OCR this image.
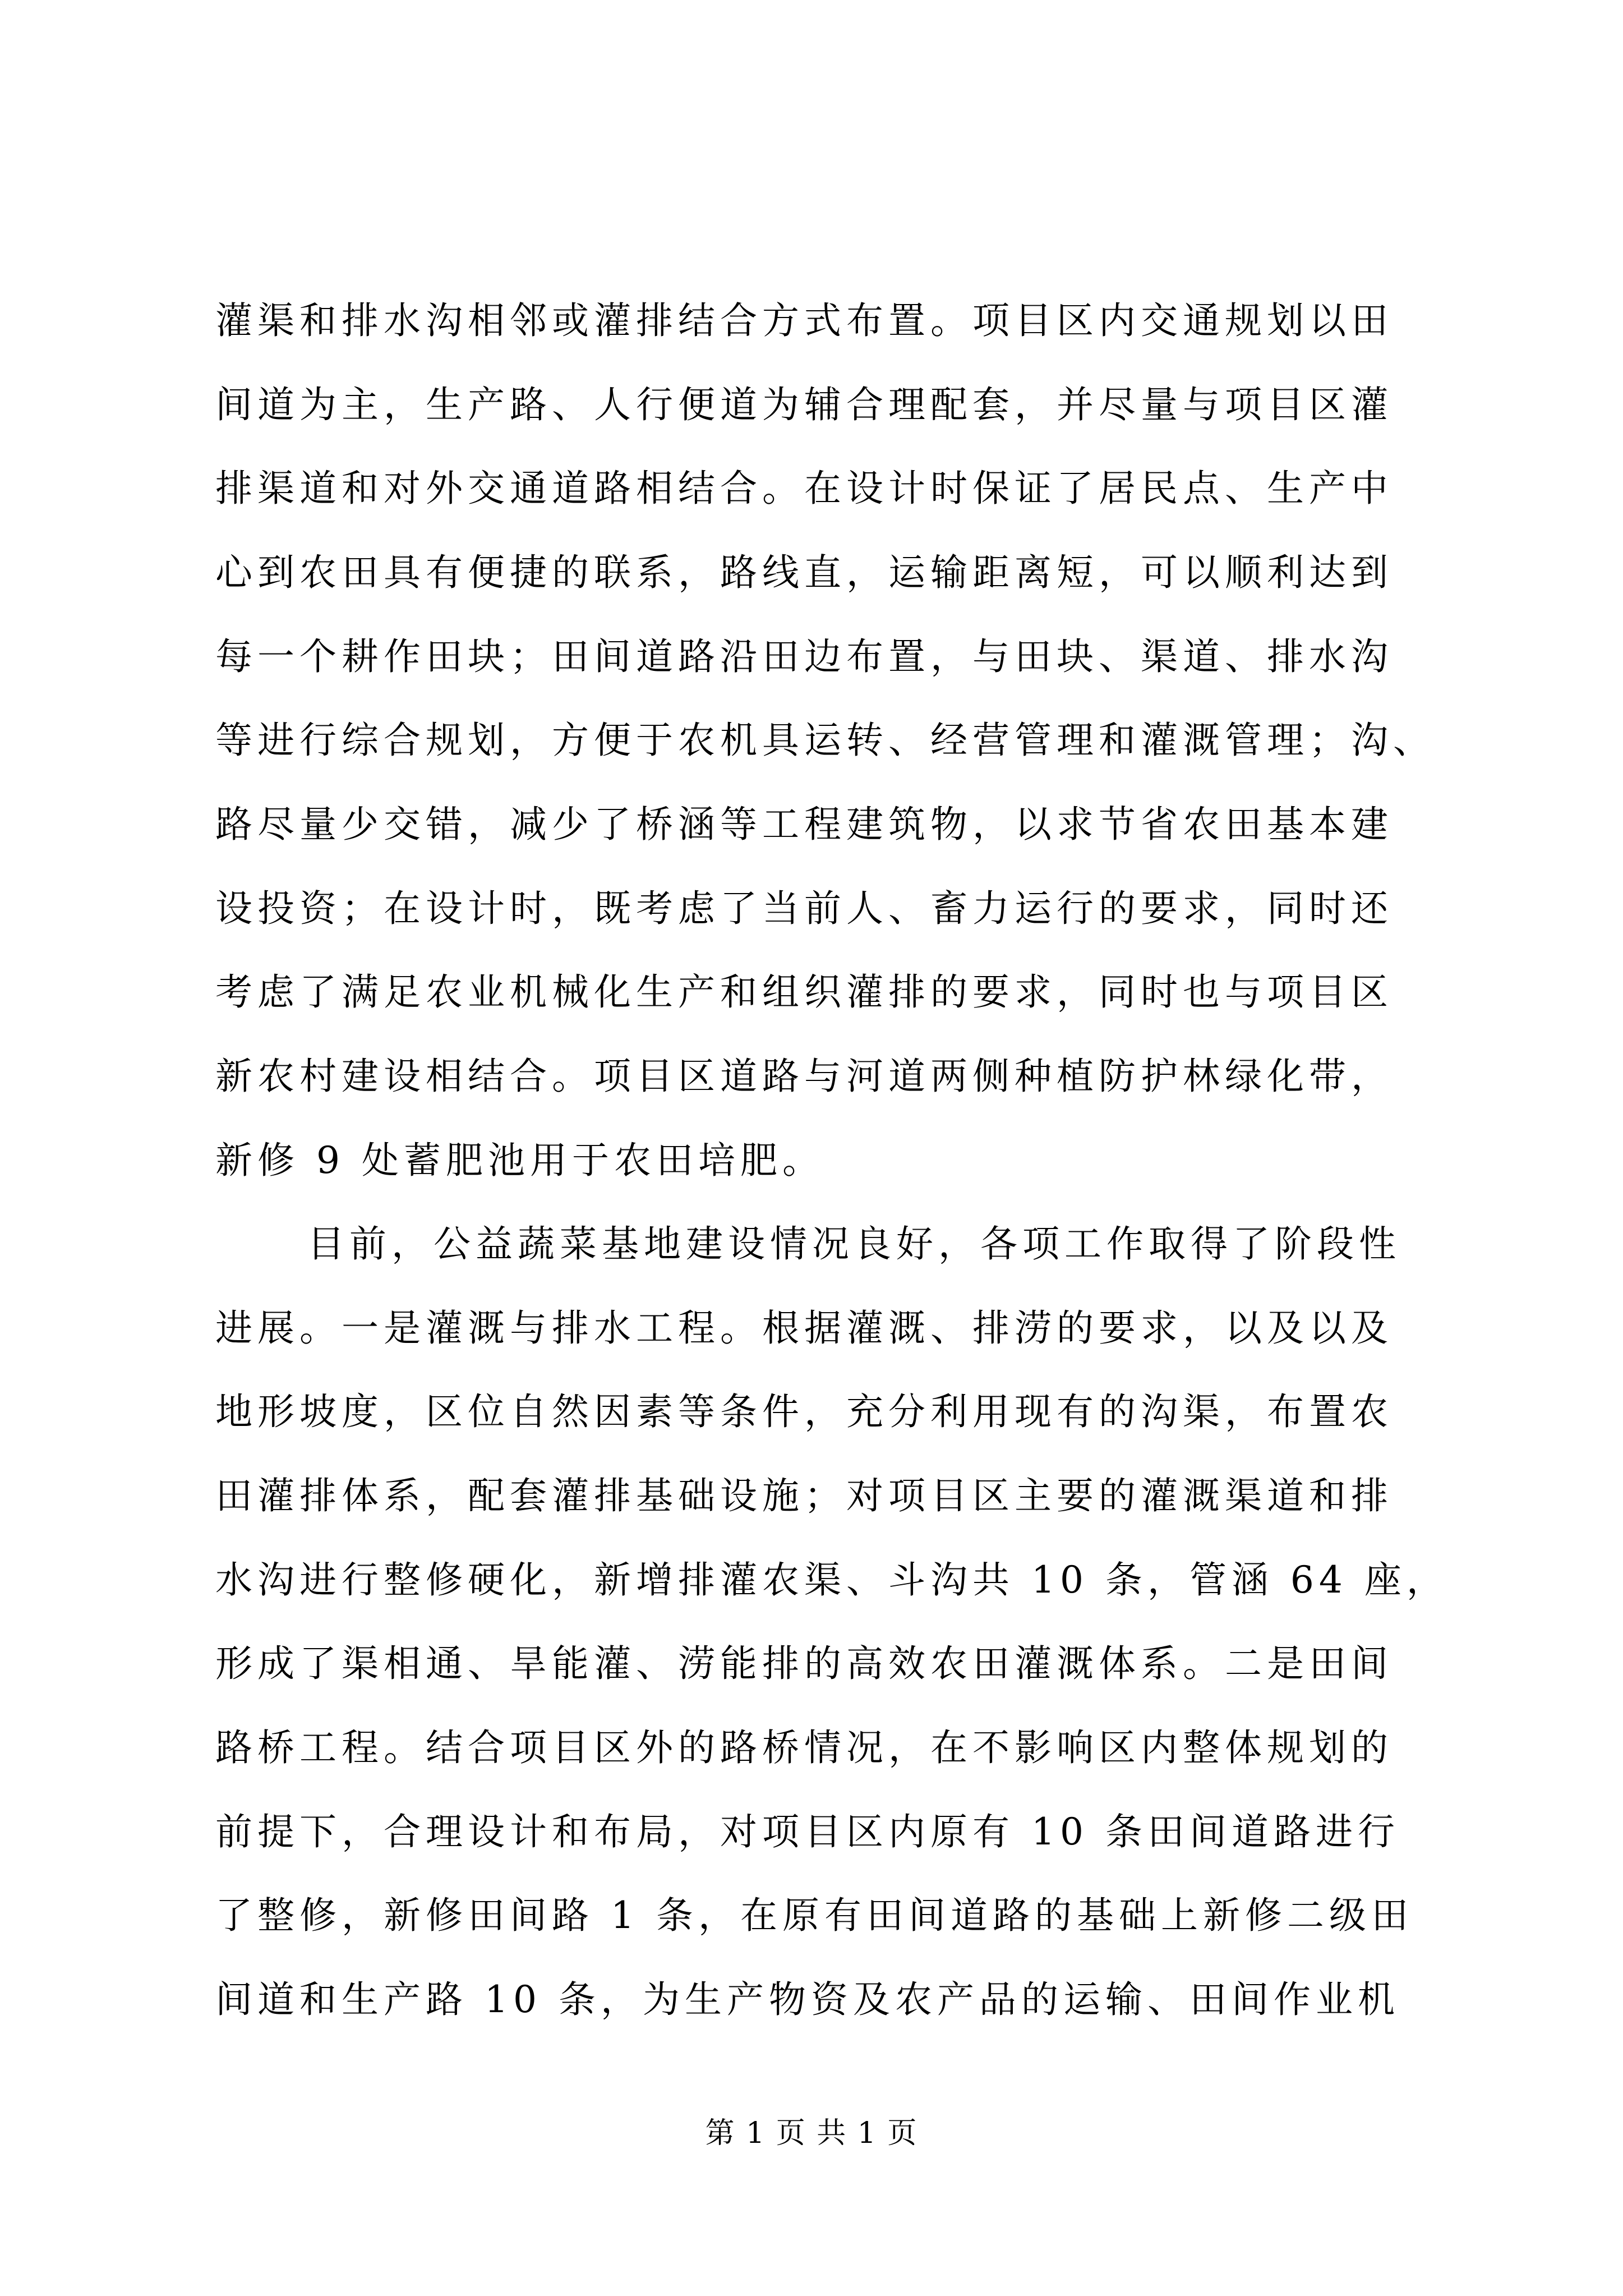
灌渠和排水沟相邻或灌排结合方式布置。项目区内交通规划以田
间道为主，生产路、人行便道为辅合理配套，并尽量与项目区灌
排渠道和对外交通道路相结合。在设计时保证了居民点、生产中
心到农田具有便捷的联系，路线直，运输距离短，可以顺利达到
每一个耕作田块；田间道路沿田边布置，与田块、渠道、排水沟
等进行综合规划，方便于农机具运转、经营管理和灌溉管理；沟、
路尽量少交错，减少了桥涵等工程建筑物，以求节省农田基本建
设投资；在设计时，既考虑了当前人、畜力运行的要求，同时还
考虑了满足农业机械化生产和组织灌排的要求，同时也与项目区
新农村建设相结合。项目区道路与河道两侧种植防护林绿化带，
新修 9 处蓄肥池用于农田培肥。
目前，公益蔬菜基地建设情况良好，各项工作取得了阶段性
进展。一是灌溉与排水工程。根据灌溉、排涝的要求，以及以及
地形坡度，区位自然因素等条件，充分利用现有的沟渠，布置农
田灌排体系，配套灌排基础设施；对项目区主要的灌溉渠道和排
水沟进行整修硬化，新增排灌农渠、斗沟共 10 条，管涵 64 座，
形成了渠相通、旱能灌、涝能排的高效农田灌溉体系。二是田间
路桥工程。结合项目区外的路桥情况，在不影响区内整体规划的
前提下，合理设计和布局，对项目区内原有 10 条田间道路进行
了整修，新修田间路 1 条，在原有田间道路的基础上新修二级田
间道和生产路 10 条，为生产物资及农产品的运输、田间作业机
第 1 页 共 1 页
